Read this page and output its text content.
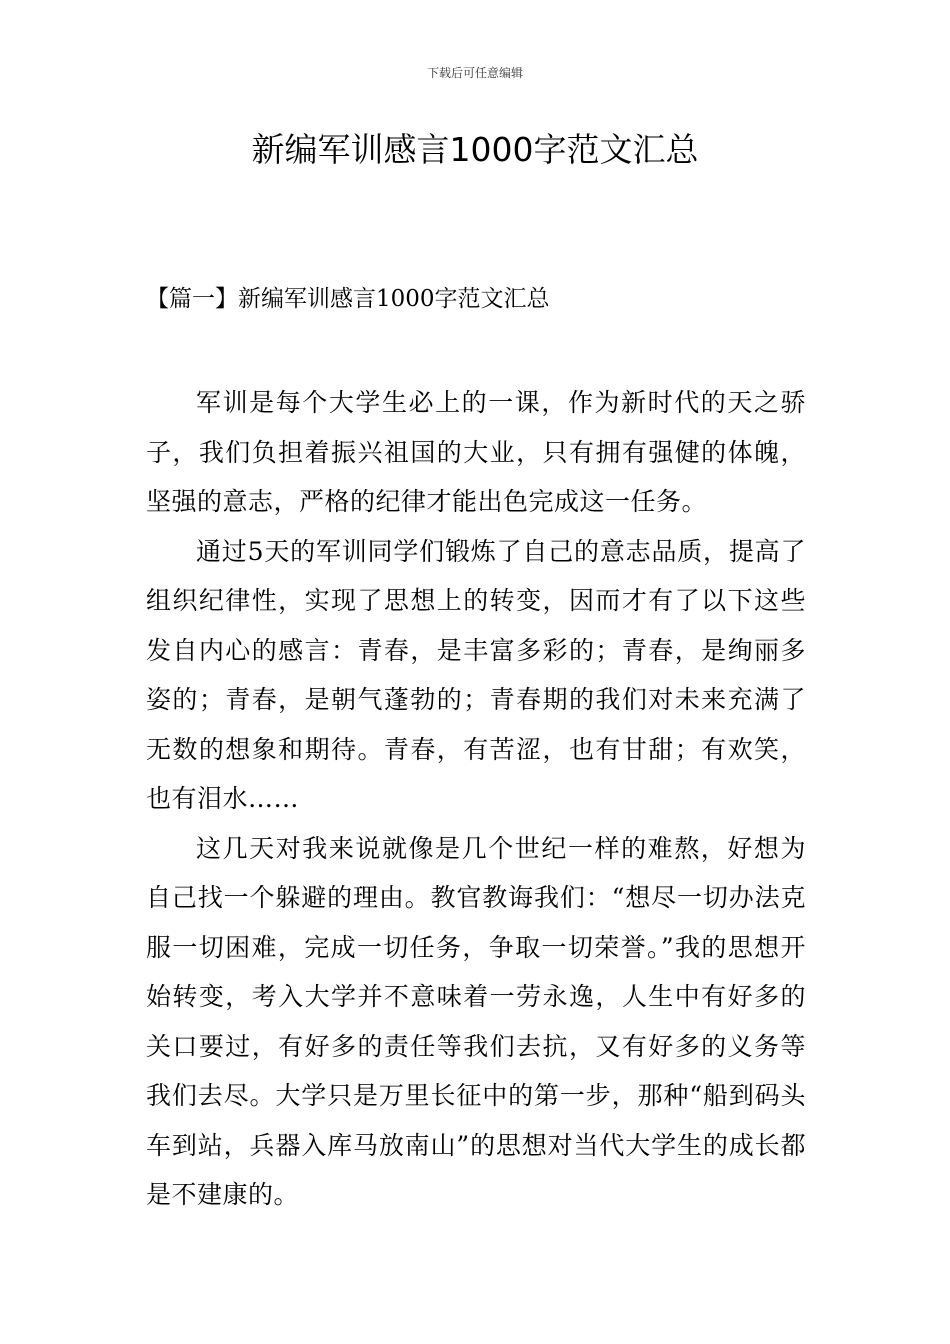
下载后可任意编辑
新编军训感言1000字范文汇总
【篇一】新编军训感言1000字范文汇总

军训是每个大学生必上的一课，作为新时代的天之骄子，我们负担着振兴祖国的大业，只有拥有强健的体魄，坚强的意志，严格的纪律才能出色完成这一任务。

通过5天的军训同学们锻炼了自己的意志品质，提高了组织纪律性，实现了思想上的转变，因而才有了以下这些发自内心的感言：青春，是丰富多彩的；青春，是绚丽多姿的；青春，是朝气蓬勃的；青春期的我们对未来充满了无数的想象和期待。青春，有苦涩，也有甘甜；有欢笑，也有泪水……

这几天对我来说就像是几个世纪一样的难熬，好想为自己找一个躲避的理由。教官教诲我们：“想尽一切办法克服一切困难，完成一切任务，争取一切荣誉。”我的思想开始转变，考入大学并不意味着一劳永逸，人生中有好多的关口要过，有好多的责任等我们去抗，又有好多的义务等我们去尽。大学只是万里长征中的第一步，那种“船到码头车到站，兵器入库马放南山”的思想对当代大学生的成长都是不建康的。
